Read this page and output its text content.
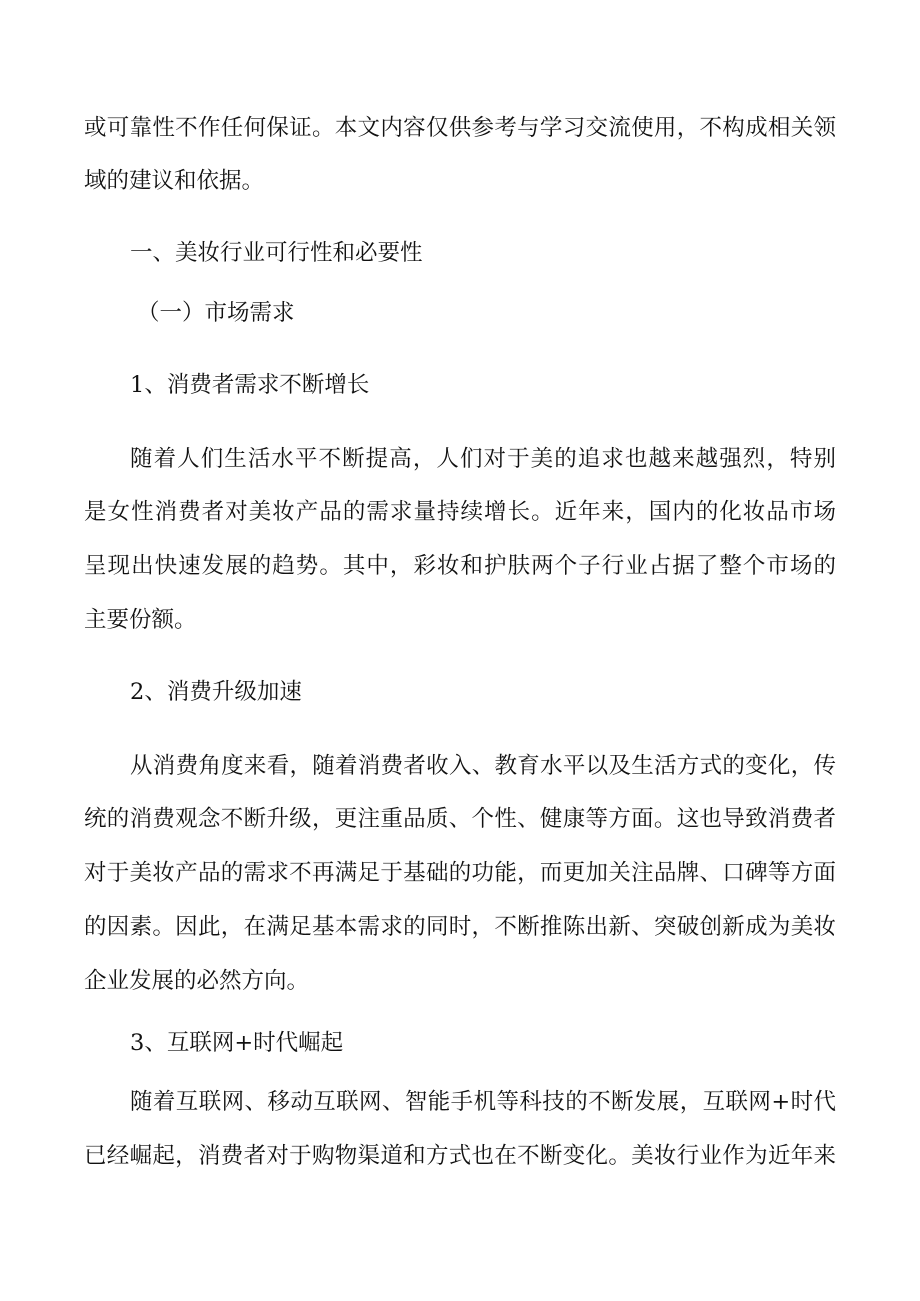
或可靠性不作任何保证。本文内容仅供参考与学习交流使用，不构成相关领
域的建议和依据。
一、美妆行业可行性和必要性
（一）市场需求
1、消费者需求不断增长
随着人们生活水平不断提高，人们对于美的追求也越来越强烈，特别
是女性消费者对美妆产品的需求量持续增长。近年来，国内的化妆品市场
呈现出快速发展的趋势。其中，彩妆和护肤两个子行业占据了整个市场的
主要份额。
2、消费升级加速
从消费角度来看，随着消费者收入、教育水平以及生活方式的变化，传
统的消费观念不断升级，更注重品质、个性、健康等方面。这也导致消费者
对于美妆产品的需求不再满足于基础的功能，而更加关注品牌、口碑等方面
的因素。因此，在满足基本需求的同时，不断推陈出新、突破创新成为美妆
企业发展的必然方向。
3、互联网+时代崛起
随着互联网、移动互联网、智能手机等科技的不断发展，互联网+时代
已经崛起，消费者对于购物渠道和方式也在不断变化。美妆行业作为近年来
